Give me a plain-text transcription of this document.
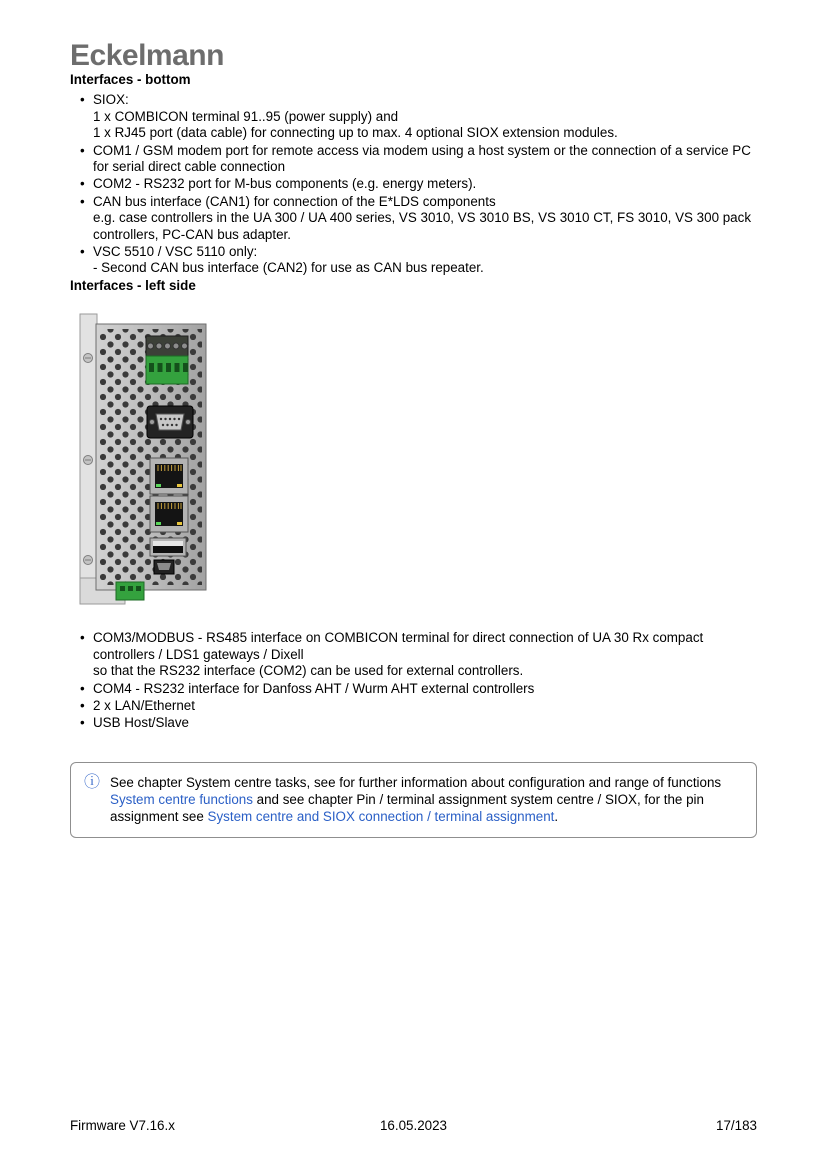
Eckelmann
Interfaces - bottom
• SIOX:
1 x COMBICON terminal 91..95 (power supply) and
1 x RJ45 port (data cable) for connecting up to max. 4 optional SIOX extension modules.
• COM1 / GSM modem port for remote access via modem using a host system or the connection of a service PC for serial direct cable connection
• COM2 - RS232 port for M-bus components (e.g. energy meters).
• CAN bus interface (CAN1) for connection of the E*LDS components
e.g. case controllers in the UA 300 / UA 400 series, VS 3010, VS 3010 BS, VS 3010 CT, FS 3010, VS 300 pack controllers, PC-CAN bus adapter.
• VSC 5510 / VSC 5110 only:
- Second CAN bus interface (CAN2) for use as CAN bus repeater.
Interfaces - left side
• COM3/MODBUS - RS485 interface on COMBICON terminal for direct connection of UA 30 Rx compact controllers / LDS1 gateways / Dixell
so that the RS232 interface (COM2) can be used for external controllers.
• COM4 - RS232 interface for Danfoss AHT / Wurm AHT external controllers
• 2 x LAN/Ethernet
• USB Host/Slave
ⓘ See chapter System centre tasks, see for further information about configuration and range of functions System centre functions and see chapter Pin / terminal assignment system centre / SIOX, for the pin assignment see System centre and SIOX connection / terminal assignment.

Firmware V7.16.x	16.05.2023	17/183
